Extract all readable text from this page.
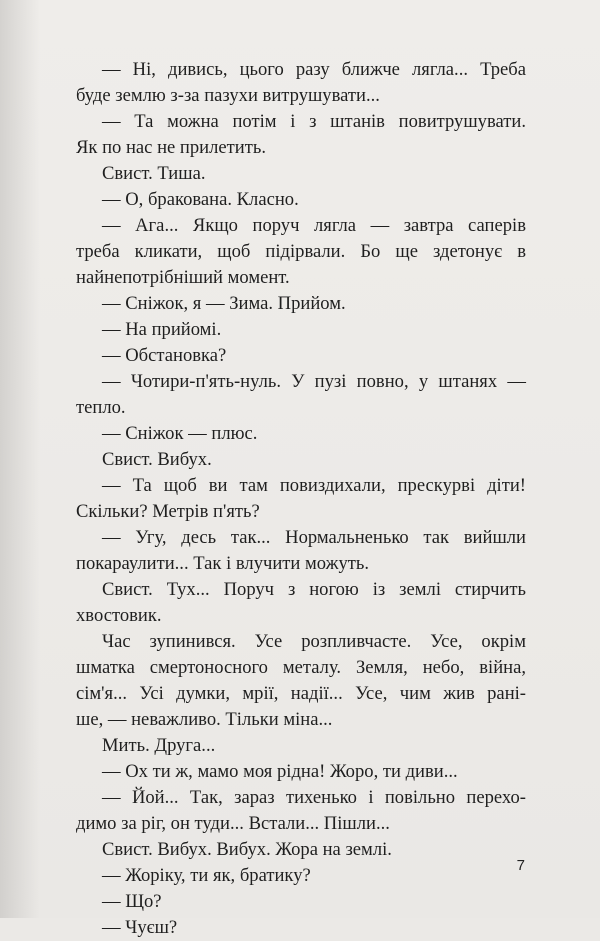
— Ні, дивись, цього разу ближче лягла... Треба
буде землю з-за пазухи витрушувати...
— Та можна потім і з штанів повитрушувати.
Як по нас не прилетить.
Свист. Тиша.
— О, бракована. Класно.
— Ага... Якщо поруч лягла — завтра саперів
треба кликати, щоб підірвали. Бо ще здетонує в
найнепотрібніший момент.
— Сніжок, я — Зима. Прийом.
— На прийомі.
— Обстановка?
— Чотири-п'ять-нуль. У пузі повно, у штанях —
тепло.
— Сніжок — плюс.
Свист. Вибух.
— Та щоб ви там повиздихали, прескурві діти!
Скільки? Метрів п'ять?
— Угу, десь так... Нормальненько так вийшли
покараулити... Так і влучити можуть.
Свист. Тух... Поруч з ногою із землі стирчить
хвостовик.
Час зупинився. Усе розпливчасте. Усе, окрім
шматка смертоносного металу. Земля, небо, війна,
сім'я... Усі думки, мрії, надії... Усе, чим жив рані-
ше, — неважливо. Тільки міна...
Мить. Друга...
— Ох ти ж, мамо моя рідна! Жоро, ти диви...
— Йой... Так, зараз тихенько і повільно перехо-
димо за ріг, он туди... Встали... Пішли...
Свист. Вибух. Вибух. Жора на землі.
— Жоріку, ти як, братику?
— Що?
— Чуєш?
7
